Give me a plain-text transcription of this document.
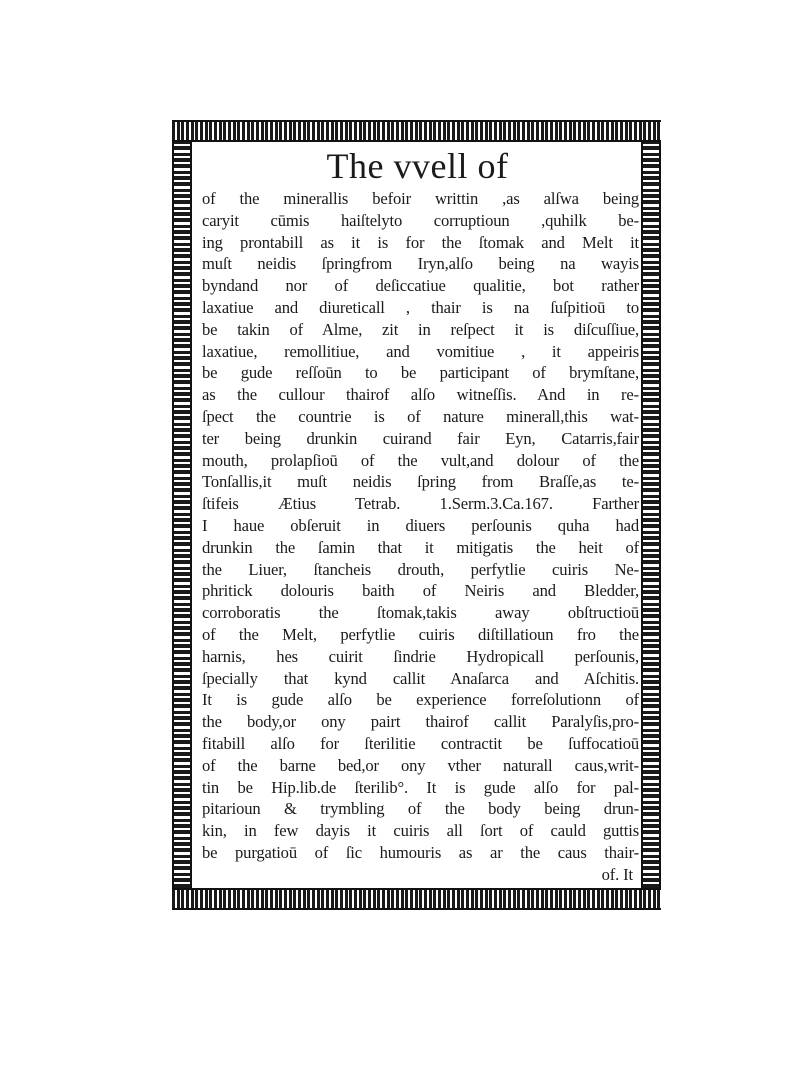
The vvell of
of the minerallis befoir writtin ,as alſwa being
caryit cūmis haiſtelyto corruptioun ,quhilk be-
ing prontabill as it is for the ſtomak and Melt it
muſt neidis ſpringfrom Iryn,alſo being na wayis
byndand nor of deſiccatiue qualitie, bot rather
laxatiue and diureticall , thair is na ſuſpitioū to
be takin of Alme, zit in reſpect it is diſcuſſiue,
laxatiue, remollitiue, and vomitiue , it appeiris
be gude reſſoūn to be participant of brymſtane,
as the cullour thairof alſo witneſſis. And in re-
ſpect the countrie is of nature minerall,this wat-
ter being drunkin cuirand fair Eyn, Catarris,fair
mouth, prolapſioū of the vult,and dolour of the
Tonſallis,it muſt neidis ſpring from Braſſe,as te-
ſtifeis Ætius Tetrab. 1.Serm.3.Ca.167. Farther
I haue obſeruit in diuers perſounis quha had
drunkin the ſamin that it mitigatis the heit of
the Liuer, ſtancheis drouth, perfytlie cuiris Ne-
phritick dolouris baith of Neiris and Bledder,
corroboratis the ſtomak,takis away obſtructioū
of the Melt, perfytlie cuiris diſtillatioun fro the
harnis, hes cuirit ſindrie Hydropicall perſounis,
ſpecially that kynd callit Anaſarca and Aſchitis.
It is gude alſo be experience forreſolutionn of
the body,or ony pairt thairof callit Paralyſis,pro-
fitabill alſo for ſterilitie contractit be ſuffocatioū
of the barne bed,or ony vther naturall caus,writ-
tin be Hip.lib.de ſterilib°. It is gude alſo for pal-
pitarioun & trymbling of the body being drun-
kin, in few dayis it cuiris all ſort of cauld guttis
be purgatioū of ſic humouris as ar the caus thair-
of. It
